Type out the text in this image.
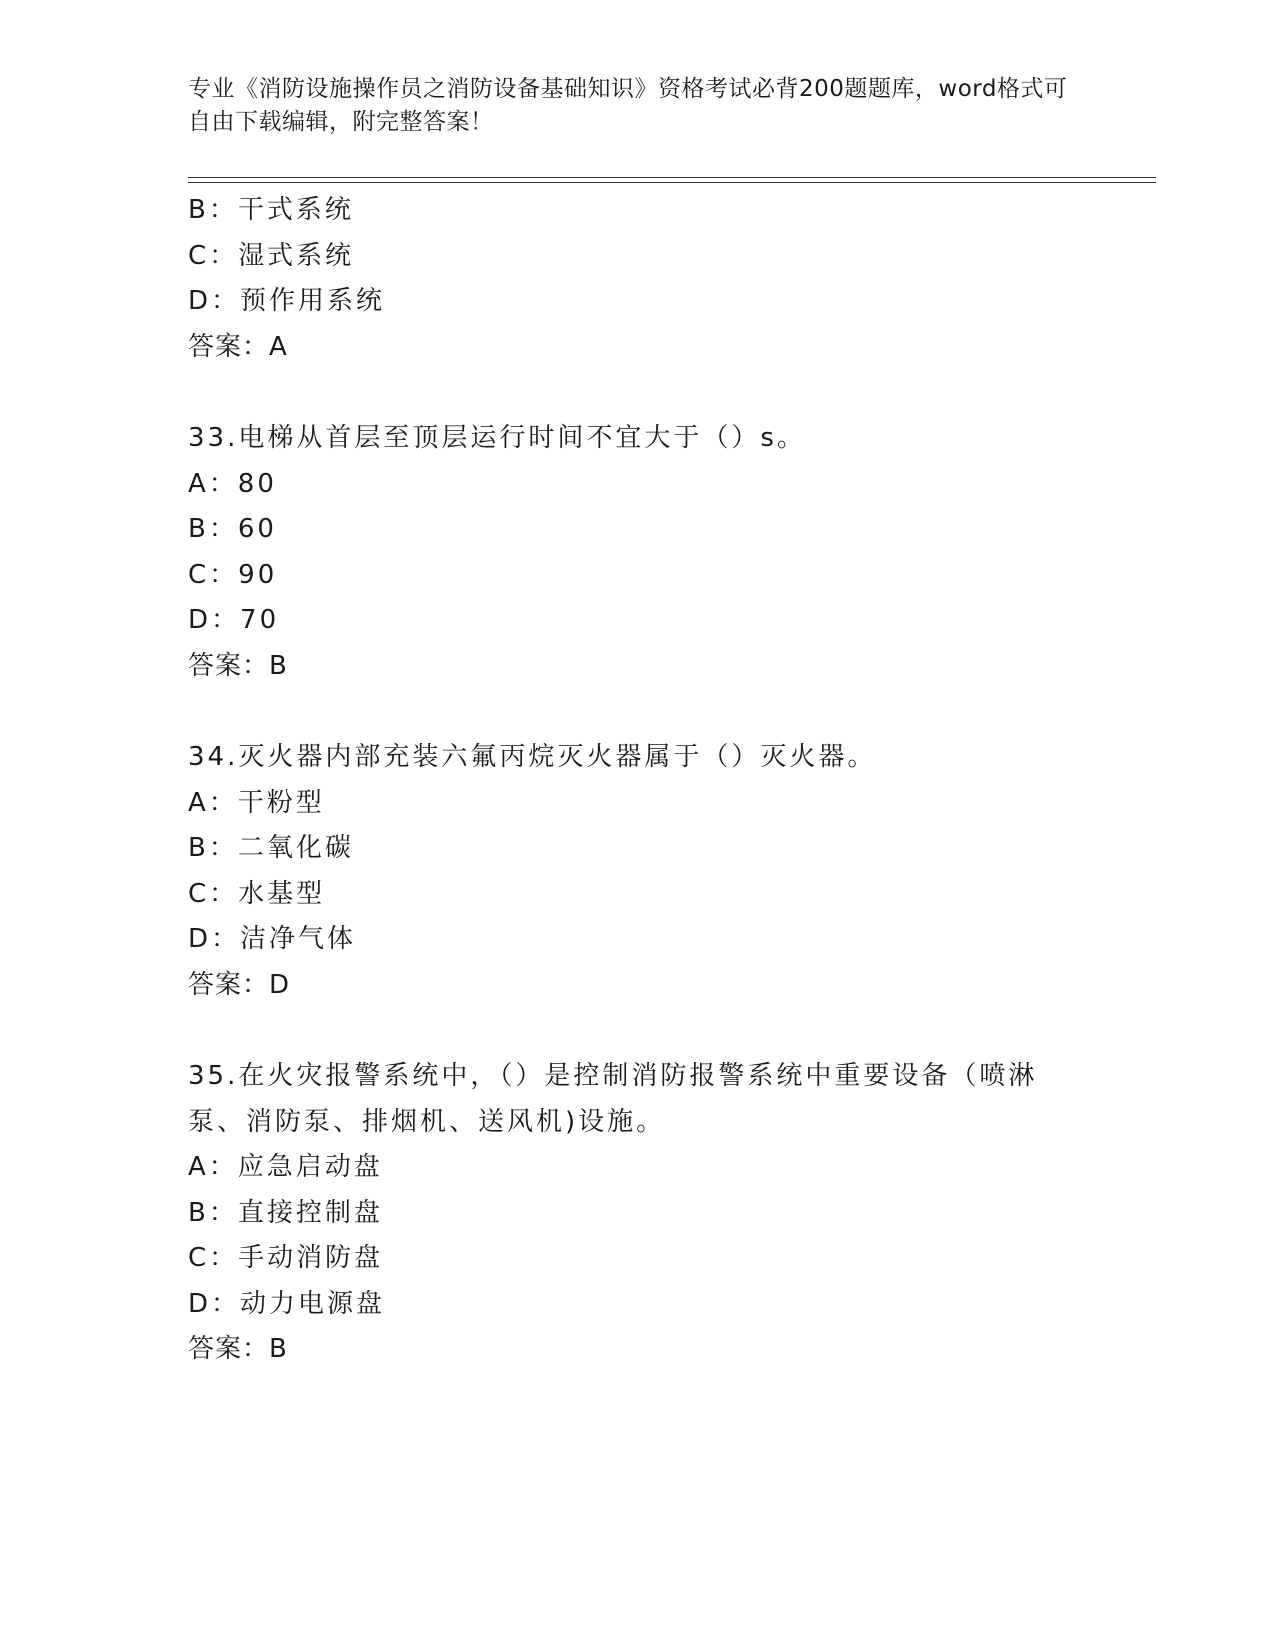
专业《消防设施操作员之消防设备基础知识》资格考试必背200题题库，word格式可自由下载编辑，附完整答案！
B：干式系统
C：湿式系统
D：预作用系统
答案：A
33.电梯从首层至顶层运行时间不宜大于（）s。
A：80
B：60
C：90
D：70
答案：B
34.灭火器内部充装六氟丙烷灭火器属于（）灭火器。
A：干粉型
B：二氧化碳
C：水基型
D：洁净气体
答案：D
35.在火灾报警系统中，（）是控制消防报警系统中重要设备（喷淋泵、消防泵、排烟机、送风机)设施。
A：应急启动盘
B：直接控制盘
C：手动消防盘
D：动力电源盘
答案：B
